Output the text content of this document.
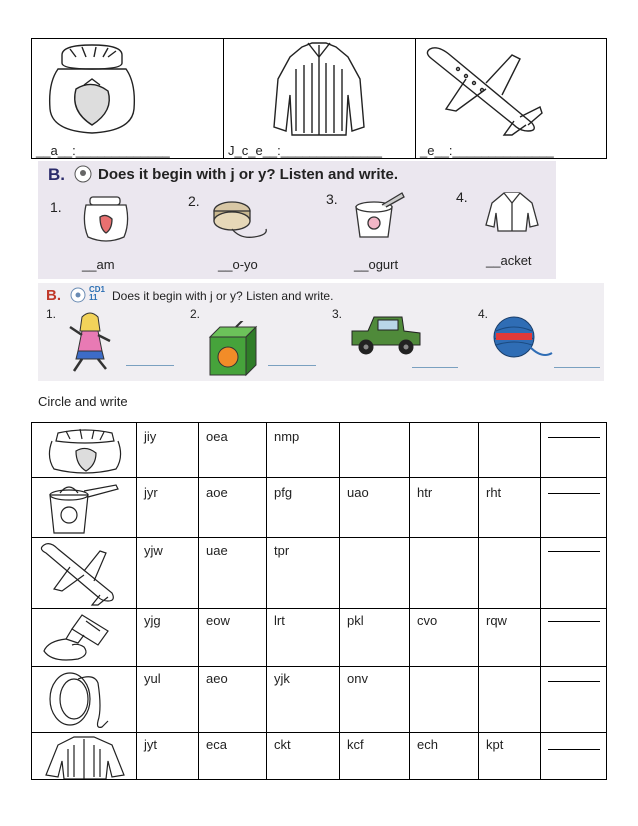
__a__:_____________	J_c_e__:______________	_e__:______________
B. Does it begin with j or y? Listen and write.
1.
__am
2.
__o-yo
3.
__ogurt
4.
__acket
B.	CD1 11	Does it begin with j or y? Listen and write.
1.	2.	3.	4.
Circle and write
jiy	oea	nmp
jyr	aoe	pfg	uao	htr	rht
yjw	uae	tpr
yjg	eow	lrt	pkl	cvo	rqw
yul	aeo	yjk	onv
jyt	eca	ckt	kcf	ech	kpt
